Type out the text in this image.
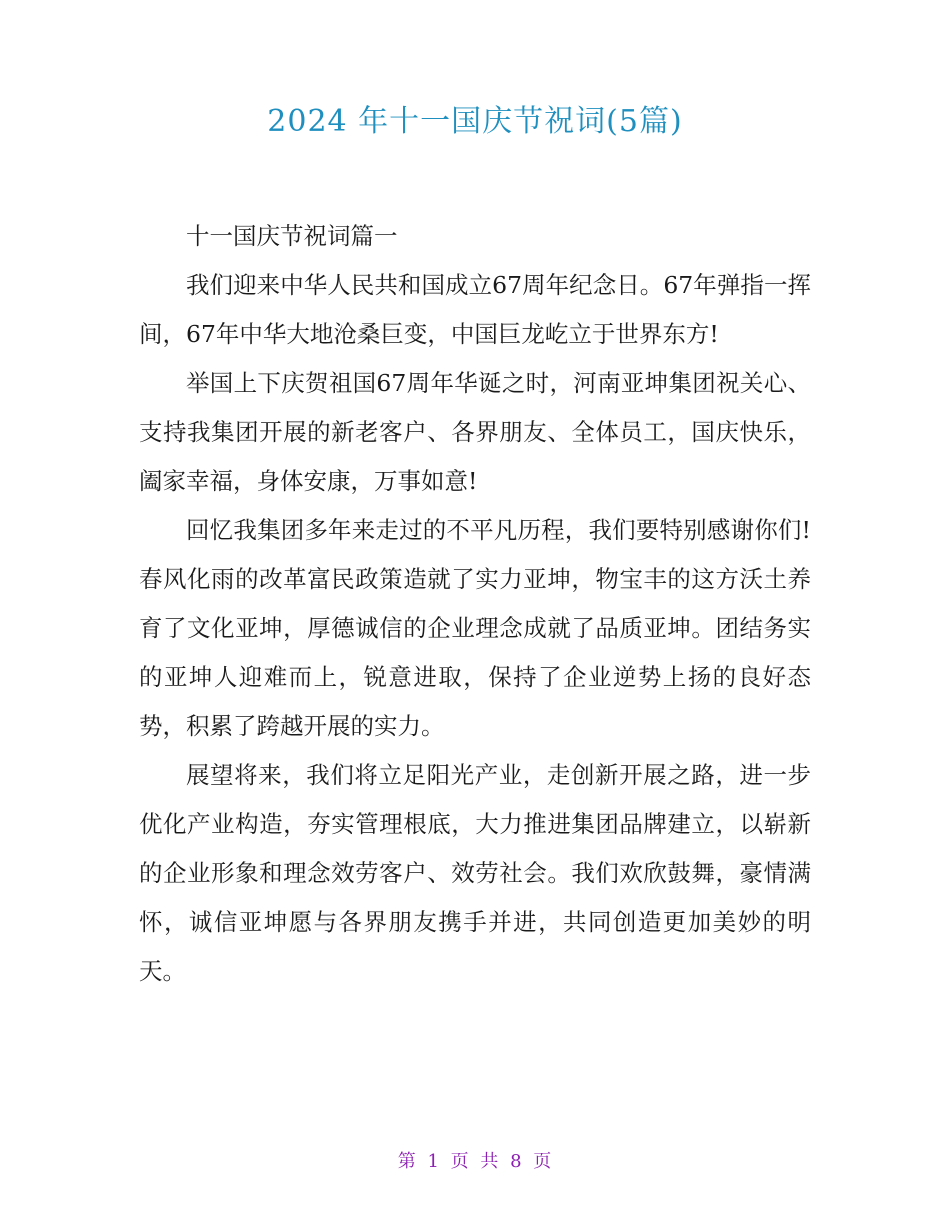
2024 年十一国庆节祝词(5篇)

十一国庆节祝词篇一

我们迎来中华人民共和国成立67周年纪念日。67年弹指一挥间，67年中华大地沧桑巨变，中国巨龙屹立于世界东方!

举国上下庆贺祖国67周年华诞之时，河南亚坤集团祝关心、支持我集团开展的新老客户、各界朋友、全体员工，国庆快乐，阖家幸福，身体安康，万事如意!

回忆我集团多年来走过的不平凡历程，我们要特别感谢你们!春风化雨的改革富民政策造就了实力亚坤，物宝丰的这方沃土养育了文化亚坤，厚德诚信的企业理念成就了品质亚坤。团结务实的亚坤人迎难而上，锐意进取，保持了企业逆势上扬的良好态势，积累了跨越开展的实力。

展望将来，我们将立足阳光产业，走创新开展之路，进一步优化产业构造，夯实管理根底，大力推进集团品牌建立，以崭新的企业形象和理念效劳客户、效劳社会。我们欢欣鼓舞，豪情满怀，诚信亚坤愿与各界朋友携手并进，共同创造更加美妙的明天。

第 1 页 共 8 页
